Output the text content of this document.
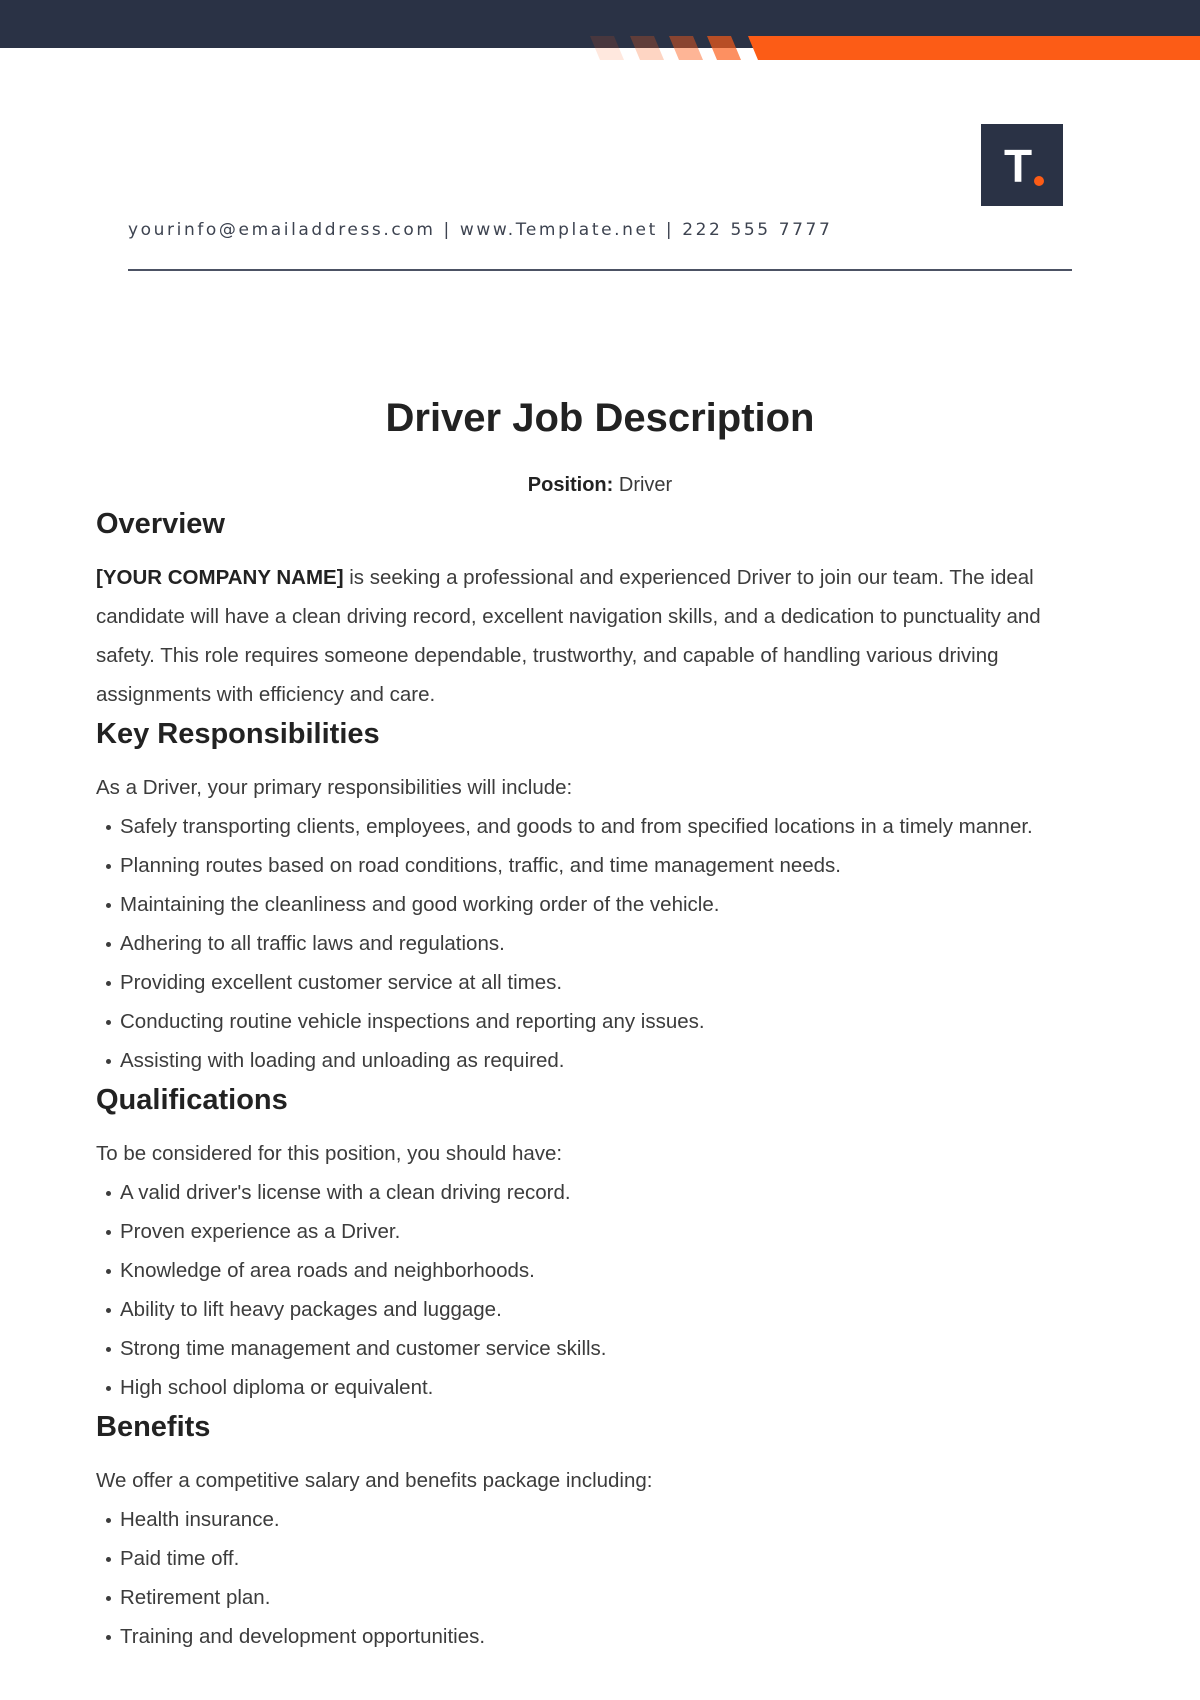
T
yourinfo@emailaddress.com | www.Template.net | 222 555 7777
Driver Job Description
Position: Driver
Overview

[YOUR COMPANY NAME] is seeking a professional and experienced Driver to join our team. The ideal candidate will have a clean driving record, excellent navigation skills, and a dedication to punctuality and safety. This role requires someone dependable, trustworthy, and capable of handling various driving assignments with efficiency and care.

Key Responsibilities

As a Driver, your primary responsibilities will include:

Safely transporting clients, employees, and goods to and from specified locations in a timely manner.
Planning routes based on road conditions, traffic, and time management needs.
Maintaining the cleanliness and good working order of the vehicle.
Adhering to all traffic laws and regulations.
Providing excellent customer service at all times.
Conducting routine vehicle inspections and reporting any issues.
Assisting with loading and unloading as required.
Qualifications

To be considered for this position, you should have:

A valid driver's license with a clean driving record.
Proven experience as a Driver.
Knowledge of area roads and neighborhoods.
Ability to lift heavy packages and luggage.
Strong time management and customer service skills.
High school diploma or equivalent.
Benefits

We offer a competitive salary and benefits package including:

Health insurance.
Paid time off.
Retirement plan.
Training and development opportunities.
